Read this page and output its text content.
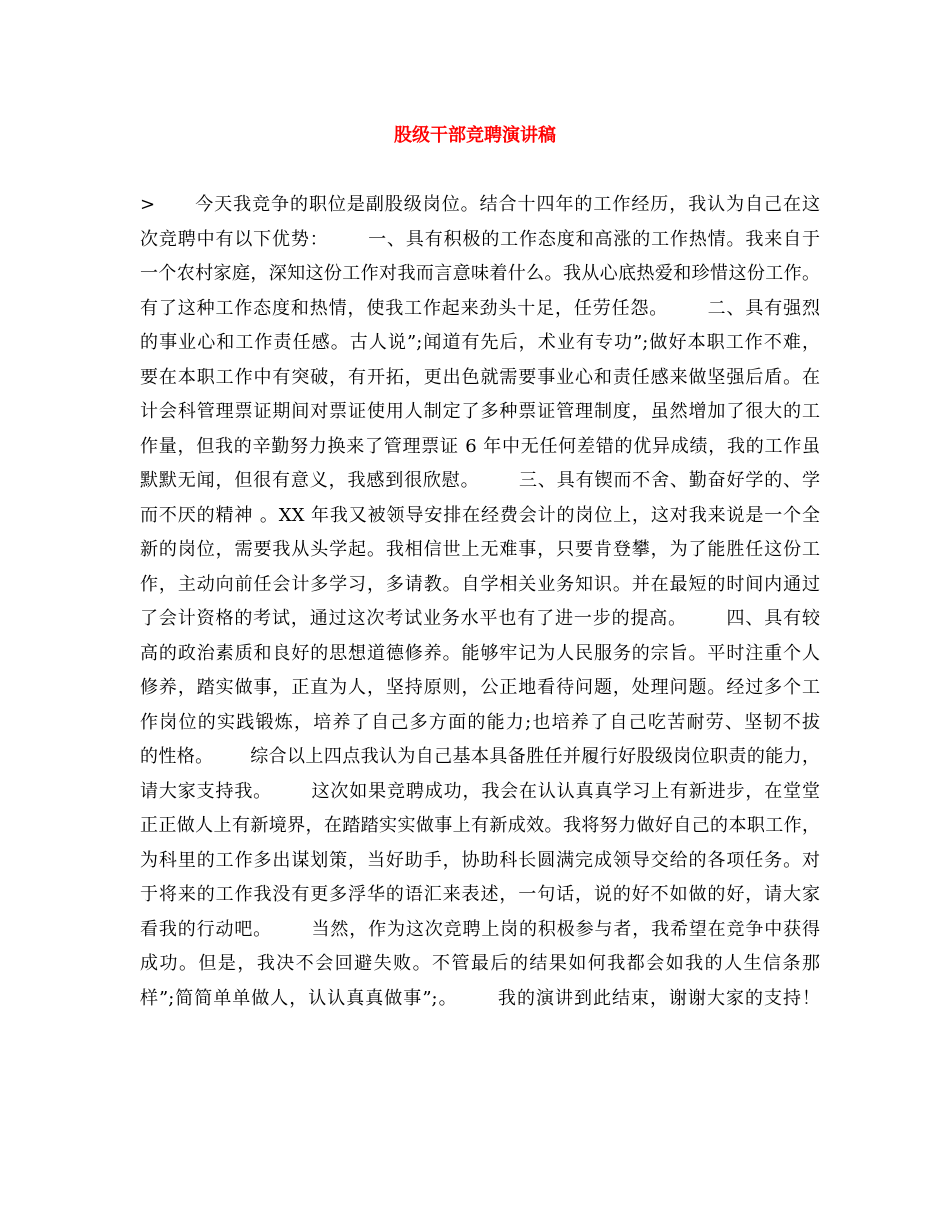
股级干部竞聘演讲稿
>      今天我竞争的职位是副股级岗位。结合十四年的工作经历，我认为自己在这
次竞聘中有以下优势：      一、具有积极的工作态度和高涨的工作热情。我来自于
一个农村家庭，深知这份工作对我而言意味着什么。我从心底热爱和珍惜这份工作。
有了这种工作态度和热情，使我工作起来劲头十足，任劳任怨。      二、具有强烈
的事业心和工作责任感。古人说”;闻道有先后，术业有专功”;做好本职工作不难，
要在本职工作中有突破，有开拓，更出色就需要事业心和责任感来做坚强后盾。在
计会科管理票证期间对票证使用人制定了多种票证管理制度，虽然增加了很大的工
作量，但我的辛勤努力换来了管理票证 6 年中无任何差错的优异成绩，我的工作虽
默默无闻，但很有意义，我感到很欣慰。      三、具有锲而不舍、勤奋好学的、学
而不厌的精神 。XX 年我又被领导安排在经费会计的岗位上，这对我来说是一个全
新的岗位，需要我从头学起。我相信世上无难事，只要肯登攀，为了能胜任这份工
作，主动向前任会计多学习，多请教。自学相关业务知识。并在最短的时间内通过
了会计资格的考试，通过这次考试业务水平也有了进一步的提高。      四、具有较
高的政治素质和良好的思想道德修养。能够牢记为人民服务的宗旨。平时注重个人
修养，踏实做事，正直为人，坚持原则，公正地看待问题，处理问题。经过多个工
作岗位的实践锻炼，培养了自己多方面的能力;也培养了自己吃苦耐劳、坚韧不拔
的性格。      综合以上四点我认为自己基本具备胜任并履行好股级岗位职责的能力，
请大家支持我。      这次如果竞聘成功，我会在认认真真学习上有新进步，在堂堂
正正做人上有新境界，在踏踏实实做事上有新成效。我将努力做好自己的本职工作，
为科里的工作多出谋划策，当好助手，协助科长圆满完成领导交给的各项任务。对
于将来的工作我没有更多浮华的语汇来表述，一句话，说的好不如做的好，请大家
看我的行动吧。      当然，作为这次竞聘上岗的积极参与者，我希望在竞争中获得
成功。但是，我决不会回避失败。不管最后的结果如何我都会如我的人生信条那
样”;简简单单做人，认认真真做事”;。      我的演讲到此结束，谢谢大家的支持！
